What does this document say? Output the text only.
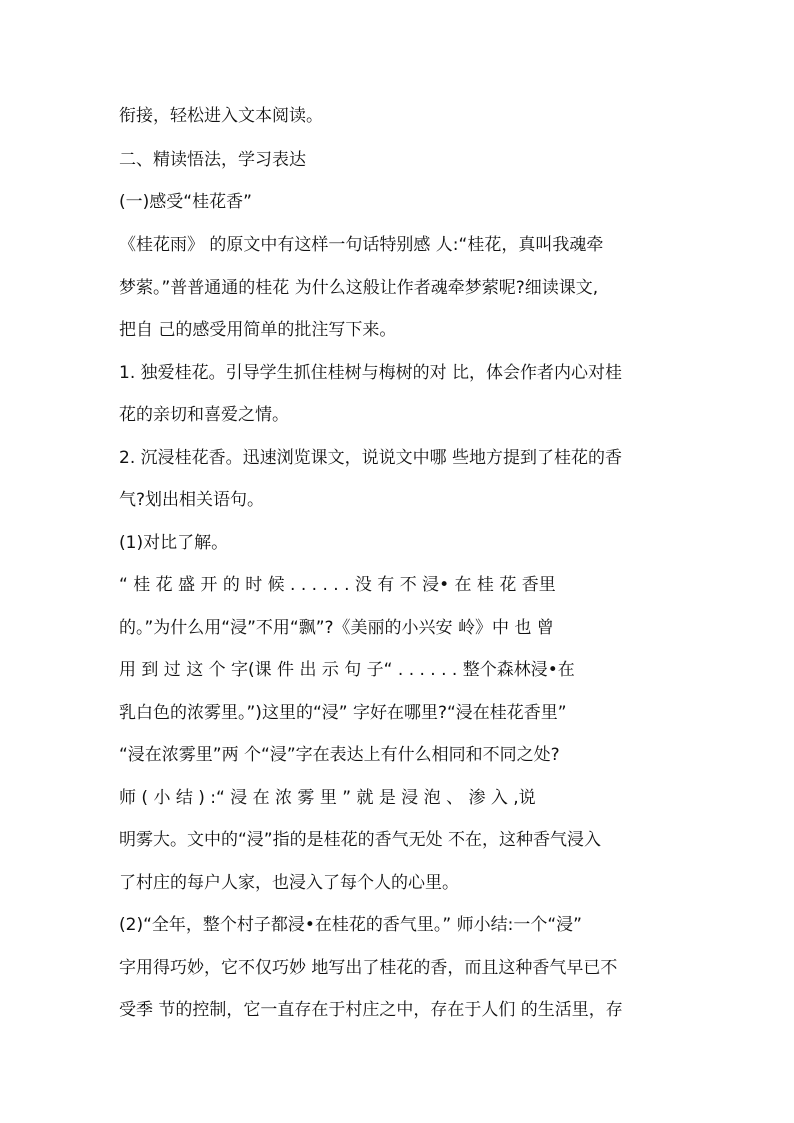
衔接，轻松进入文本阅读。
二、精读悟法，学习表达
(一)感受“桂花香”
《桂花雨》 的原文中有这样一句话特别感 人:“桂花，真叫我魂牵
梦萦。”普普通通的桂花 为什么这般让作者魂牵梦萦呢?细读课文,
把自 己的感受用简单的批注写下来。
1. 独爱桂花。引导学生抓住桂树与梅树的对 比，体会作者内心对桂
花的亲切和喜爱之情。
2. 沉浸桂花香。迅速浏览课文，说说文中哪 些地方提到了桂花的香
气?划出相关语句。
(1)对比了解。
“ 桂 花 盛 开 的 时 候 . . . . . . 没 有 不 浸• 在 桂 花 香里
的。”为什么用“浸”不用“飘”?《美丽的小兴安 岭》中 也 曾
用 到 过 这 个 字(课 件 出 示 句 子“ . . . . . . 整个森林浸•在
乳白色的浓雾里。”)这里的“浸” 字好在哪里?“浸在桂花香里”
“浸在浓雾里”两 个“浸”字在表达上有什么相同和不同之处?
师 ( 小 结 ) :“ 浸 在 浓 雾 里 ” 就 是 浸 泡 、 渗 入 ,说
明雾大。文中的“浸”指的是桂花的香气无处 不在，这种香气浸入
了村庄的每户人家，也浸入了每个人的心里。
(2)“全年，整个村子都浸•在桂花的香气里。” 师小结:一个“浸”
字用得巧妙，它不仅巧妙 地写出了桂花的香，而且这种香气早已不
受季 节的控制，它一直存在于村庄之中，存在于人们 的生活里，存
